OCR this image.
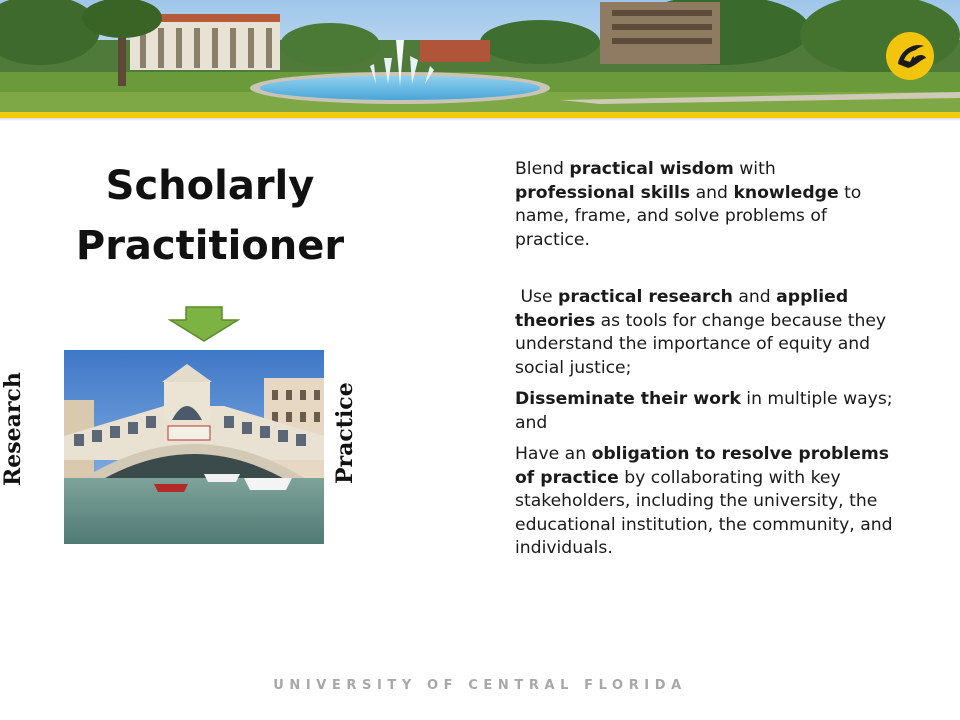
Scholarly
Practitioner
Research	Practice

Blend practical wisdom with professional skills and knowledge to name, frame, and solve problems of practice.

Use practical research and applied theories as tools for change because they understand the importance of equity and social justice;

Disseminate their work in multiple ways; and

Have an obligation to resolve problems of practice by collaborating with key stakeholders, including the university, the educational institution, the community, and individuals.

UNIVERSITY OF CENTRAL FLORIDA
